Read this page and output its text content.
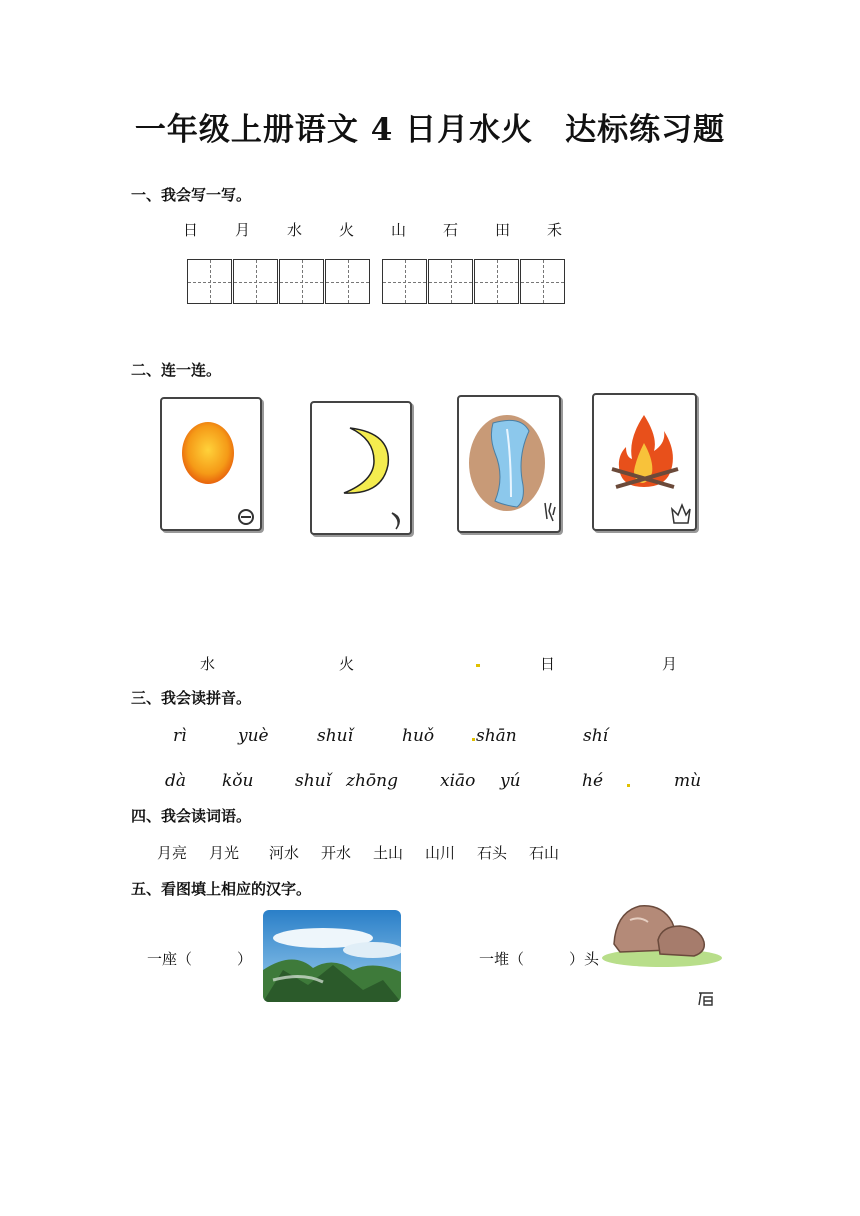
一年级上册语文 4 日月水火　达标练习题
一、我会写一写。
日 月 水 火 山 石 田 禾
二、连一连。
水	火	日	月
三、我会读拼音。
rì	yuè	shuǐ	huǒ shān	shí
dà kǒu shuǐ zhōng xiāo yú	hé	mù
四、我会读词语。
月亮 月光 河水 开水 土山 山川 石头 石山
五、看图填上相应的汉字。
一座（　　　）	一堆（　　　）头
